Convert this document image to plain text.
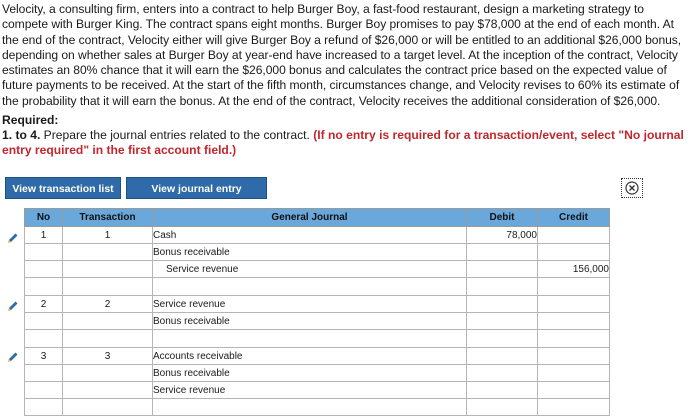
Velocity, a consulting firm, enters into a contract to help Burger Boy, a fast-food restaurant, design a marketing strategy to compete with Burger King. The contract spans eight months. Burger Boy promises to pay $78,000 at the end of each month. At the end of the contract, Velocity either will give Burger Boy a refund of $26,000 or will be entitled to an additional $26,000 bonus, depending on whether sales at Burger Boy at year-end have increased to a target level. At the inception of the contract, Velocity estimates an 80% chance that it will earn the $26,000 bonus and calculates the contract price based on the expected value of future payments to be received. At the start of the fifth month, circumstances change, and Velocity revises to 60% its estimate of the probability that it will earn the bonus. At the end of the contract, Velocity receives the additional consideration of $26,000.

Required:
1. to 4. Prepare the journal entries related to the contract. (If no entry is required for a transaction/event, select "No journal entry required" in the first account field.)
View transaction list	View journal entry
No	Transaction	General Journal	Debit	Credit
1	1	Cash	78,000	
		Bonus receivable		
		Service revenue		156,000

2	2	Service revenue		
		Bonus receivable		

3	3	Accounts receivable		
		Bonus receivable		
		Service revenue		
